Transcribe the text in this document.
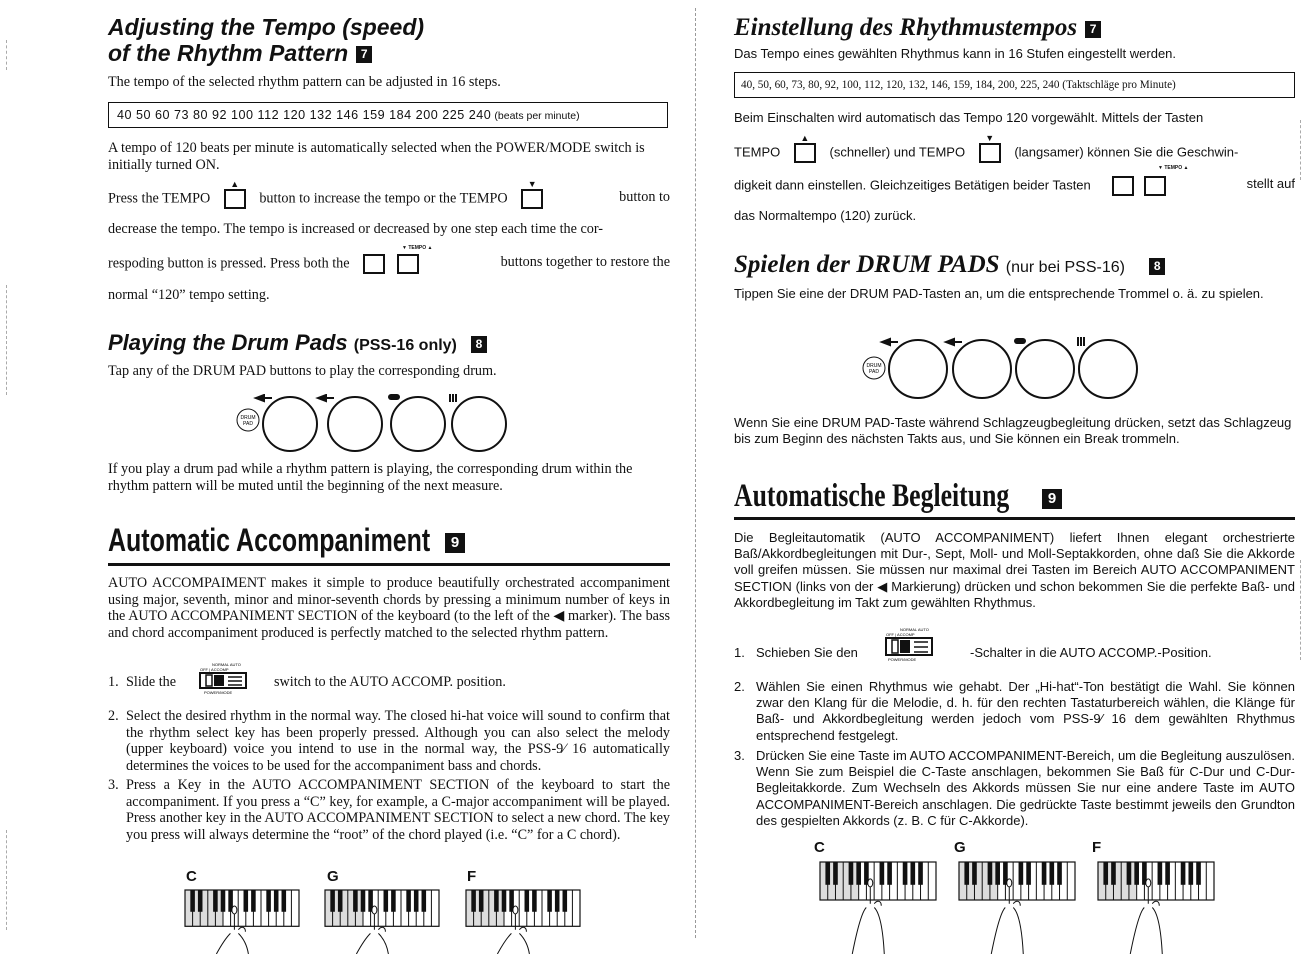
Adjusting the Tempo (speed)
of the Rhythm Pattern 7

The tempo of the selected rhythm pattern can be adjusted in 16 steps.

40 50 60 73 80 92 100 112 120 132 146 159 184 200 225 240 (beats per minute)

A tempo of 120 beats per minute is automatically selected when the POWER/MODE switch is initially turned ON.

Press the TEMPO
▲
button to increase the tempo or the TEMPO
▼
button to

decrease the tempo. The tempo is increased or decreased by one step each time the cor-

▼ TEMPO ▲
respoding button is pressed. Press both the	buttons together to restore the

normal “120” tempo setting.

Playing the Drum Pads (PSS-16 only) 8

Tap any of the DRUM PAD buttons to play the corresponding drum.

DRUM
PAD

If you play a drum pad while a rhythm pattern is playing, the corresponding drum within the rhythm pattern will be muted until the beginning of the next measure.

Automatic Accompaniment	9

AUTO ACCOMPAIMENT makes it simple to produce beautifully orchestrated accompaniment using major, seventh, minor and minor-seventh chords by pressing a minimum number of keys in the AUTO ACCOMPANIMENT SECTION of the keyboard (to the left of the ◀ marker). The bass and chord accompaniment produced is perfectly matched to the selected rhythm pattern.

1. Slide the
NORMAL AUTO
OFF | ACCOMP
POWER/MODE
switch to the AUTO ACCOMP. position.
2. Select the desired rhythm in the normal way. The closed hi-hat voice will sound to confirm that the rhythm select key has been properly pressed. Although you can also select the melody (upper keyboard) voice you intend to use in the normal way, the PSS-9⁄ 16 automatically determines the voices to be used for the accompaniment bass and chords.

3. Press a Key in the AUTO ACCOMPANIMENT SECTION of the keyboard to start the accompaniment. If you press a “C” key, for example, a C-major accompaniment will be played. Press another key in the AUTO ACCOMPANIMENT SECTION to select a new chord. The key you press will always determine the “root” of the chord played (i.e. “C” for a C chord).

C	G	F
Einstellung des Rhythmustempos 7

Das Tempo eines gewählten Rhythmus kann in 16 Stufen eingestellt werden.

40, 50, 60, 73, 80, 92, 100, 112, 120, 132, 146, 159, 184, 200, 225, 240 (Taktschläge pro Minute)

Beim Einschalten wird automatisch das Tempo 120 vorgewählt. Mittels der Tasten

TEMPO
▲
(schneller) und TEMPO
▼
(langsamer) können Sie die Geschwin-
▼ TEMPO ▲
digkeit dann einstellen. Gleichzeitiges Betätigen beider Tasten	stellt auf

das Normaltempo (120) zurück.

Spielen der DRUM PADS (nur bei PSS-16) 8

Tippen Sie eine der DRUM PAD-Tasten an, um die entsprechende Trommel o. ä. zu spielen.

DRUM
PAD

Wenn Sie eine DRUM PAD-Taste während Schlagzeugbegleitung drücken, setzt das Schlagzeug bis zum Beginn des nächsten Takts aus, und Sie können ein Break trommeln.

Automatische Begleitung	9

Die Begleitautomatik (AUTO ACCOMPANIMENT) liefert Ihnen elegant orchestrierte Baß/Akkordbegleitungen mit Dur-, Sept, Moll- und Moll-Septakkorden, ohne daß Sie die Akkorde voll greifen müssen. Sie müssen nur maximal drei Tasten im Bereich AUTO ACCOMPANIMENT SECTION (links von der ◀ Markierung) drücken und schon bekommen Sie die perfekte Baß- und Akkordbegleitung im Takt zum gewählten Rhythmus.

1. Schieben Sie den
NORMAL AUTO
OFF | ACCOMP
POWER/MODE	-Schalter in die AUTO ACCOMP.-Position.
2. Wählen Sie einen Rhythmus wie gehabt. Der „Hi-hat“-Ton bestätigt die Wahl. Sie können zwar den Klang für die Melodie, d. h. für den rechten Tastaturbereich wählen, die Klänge für Baß- und Akkordbegleitung werden jedoch vom PSS-9⁄ 16 dem gewählten Rhythmus entsprechend festgelegt.

3. Drücken Sie eine Taste im AUTO ACCOMPANIMENT-Bereich, um die Begleitung auszulösen. Wenn Sie zum Beispiel die C-Taste anschlagen, bekommen Sie Baß für C-Dur und C-Dur-Begleitakkorde. Zum Wechseln des Akkords müssen Sie nur eine andere Taste im AUTO ACCOMPANIMENT-Bereich anschlagen. Die gedrückte Taste bestimmt jeweils den Grundton des gespielten Akkords (z. B. C für C-Akkorde).

C	G	F
